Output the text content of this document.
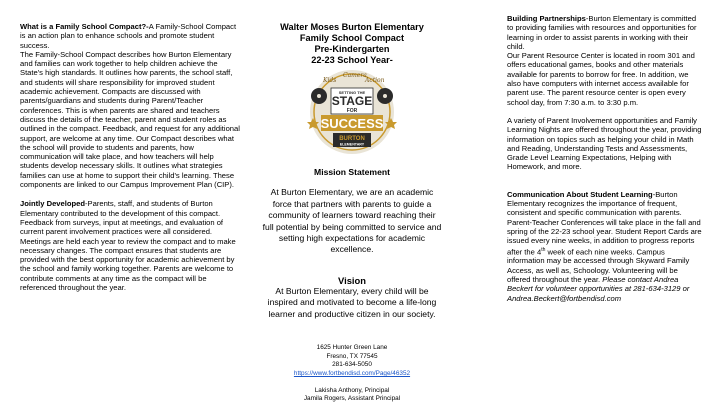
What is a Family School Compact?-A Family-School Compact is an action plan to enhance schools and promote student success.

The Family-School Compact describes how Burton Elementary and families can work together to help children achieve the State's high standards. It outlines how parents, the school staff, and students will share responsibility for improved student academic achievement. Compacts are discussed with parents/guardians and students during Parent/Teacher conferences. This is when parents are shared and teachers discuss the details of the teacher, parent and student roles as outlined in the compact. Feedback, and request for any additional support, are welcome at any time. Our Compact describes what the school will provide to students and parents, how communication will take place, and how teachers will help students develop necessary skills. It outlines what strategies families can use at home to support their child's learning. These components are linked to our Campus Improvement Plan (CIP).

Jointly Developed-Parents, staff, and students of Burton Elementary contributed to the development of this compact. Feedback from surveys, input at meetings, and evaluation of current parent involvement practices were all considered. Meetings are held each year to review the compact and to make necessary changes. The compact ensures that students are provided with the best opportunity for academic achievement by the school and family working together. Parents are welcome to contribute comments at any time as the compact will be referenced throughout the year.

Walter Moses Burton Elementary
Family School Compact
Pre-Kindergarten
22-23 School Year-
Kids
Camera
Action
SETTING THE
STAGE
FOR
SUCCESS
BURTON
ELEMENTARY
Mission Statement
At Burton Elementary, we are an academic force that partners with parents to guide a community of learners toward reaching their full potential by being committed to service and setting high expectations for academic excellence.
Vision
At Burton Elementary, every child will be inspired and motivated to become a life-long learner and productive citizen in our society.
1625 Hunter Green Lane
Fresno, TX 77545
281-634-5050
https://www.fortbendisd.com/Page/46352
Lakisha Anthony, Principal
Jamila Rogers, Assistant Principal

Building Partnerships-Burton Elementary is committed to providing families with resources and opportunities for learning in order to assist parents in working with their child.

Our Parent Resource Center is located in room 301 and offers educational games, books and other materials available for parents to borrow for free. In addition, we also have computers with internet access available for parent use. The parent resource center is open every school day, from 7:30 a.m. to 3:30 p.m.

A variety of Parent Involvement opportunities and Family Learning Nights are offered throughout the year, providing information on topics such as helping your child in Math and Reading, Understanding Tests and Assessments, Grade Level Learning Expectations, Helping with Homework, and more.

Communication About Student Learning-Burton Elementary recognizes the importance of frequent, consistent and specific communication with parents. Parent-Teacher Conferences will take place in the fall and spring of the 22-23 school year. Student Report Cards are issued every nine weeks, in addition to progress reports after the 4th week of each nine weeks. Campus information may be accessed through Skyward Family Access, as well as, Schoology. Volunteering will be offered throughout the year. Please contact Andrea Beckert for volunteer opportunities at 281-634-3129 or Andrea.Beckert@fortbendisd.com
